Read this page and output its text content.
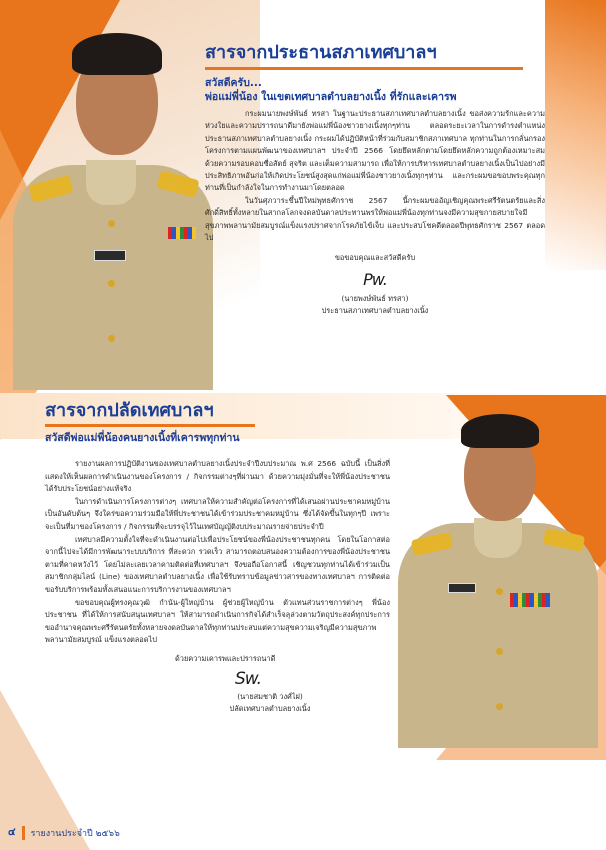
สารจากประธานสภาเทศบาลฯ
สวัสดีครับ...
พ่อแม่พี่น้อง ในเขตเทศบาลตำบลยางเนิ้ง ที่รักและเคารพ

กระผมนายพงษ์พันธ์ ทรสา ในฐานะประธานสภาเทศบาลตำบลยางเนิ้ง ขอส่งความรักและความห่วงใยและความปรารถนาดีมายังพ่อแม่พี่น้องชาวยางเนิ้งทุกๆท่าน ตลอดระยะเวลาในการดำรงตำแหน่งประธานสภาเทศบาลตำบลยางเนิ้ง กระผมได้ปฏิบัติหน้าที่ร่วมกับสมาชิกสภาเทศบาล ทุกท่านในการกลั่นกรองโครงการตามแผนพัฒนาของเทศบาลฯ ประจำปี 2566 โดยยึดหลักตามโดยยึดหลักความถูกต้องเหมาะสม ด้วยความรอบคอบซื่อสัตย์ สุจริต และเต็มความสามารถ เพื่อให้การบริหารเทศบาลตำบลยางเนิ้งเป็นไปอย่างมีประสิทธิภาพอันก่อให้เกิดประโยชน์สูงสุดแก่พ่อแม่พี่น้องชาวยางเนิ้งทุกๆท่าน และกระผมขอขอบพระคุณทุกท่านที่เป็นกำลังใจในการทำงานมาโดยตลอด

ในวันศุภวาระขึ้นปีใหม่พุทธศักราช 2567 นี้กระผมขออัญเชิญคุณพระศรีรัตนตรัยและสิ่งศักดิ์สิทธิ์ทั้งหลายในสากลโลกจงดลบันดาลประทานพรให้พ่อแม่พี่น้องทุกท่านจงมีความสุขกายสบายใจมีสุขภาพพลานามัยสมบูรณ์แข็งแรงปราศจากโรคภัยไข้เจ็บ และประสบโชคดีตลอดปีพุทธศักราช 2567 ตลอดไป

ขอขอบคุณและสวัสดีครับ
Pw.
(นายพงษ์พันธ์ ทรสา)
ประธานสภาเทศบาลตำบลยางเนิ้ง
สารจากปลัดเทศบาลฯ
สวัสดีพ่อแม่พี่น้องคนยางเนิ้งที่เคารพทุกท่าน

รายงานผลการปฏิบัติงานของเทศบาลตำบลยางเนิ้งประจำปีงบประมาณ พ.ศ 2566 ฉบับนี้ เป็นสิ่งที่แสดงให้เห็นผลการดำเนินงานของโครงการ / กิจกรรมต่างๆที่ผ่านมา ด้วยความมุ่งมั่นที่จะให้พี่น้องประชาชนได้รับประโยชน์อย่างแท้จริง

ในการดำเนินการโครงการต่างๆ เทศบาลให้ความสำคัญต่อโครงการที่ได้เสนอผ่านประชาคมหมู่บ้านเป็นอันดับต้นๆ จึงใคร่ขอความร่วมมือให้พี่ประชาชนได้เข้าร่วมประชาคมหมู่บ้าน ซึ่งได้จัดขึ้นในทุกๆปี เพราะจะเป็นที่มาของโครงการ / กิจกรรมที่จะบรรจุไว้ในเทศบัญญัติงบประมาณรายจ่ายประจำปี

เทศบาลมีความตั้งใจที่จะดำเนินงานต่อไปเพื่อประโยชน์ของพี่น้องประชาชนทุกคน โดยในโอกาสต่อจากนี้ไปจะได้มีการพัฒนาระบบบริการ ที่สะดวก รวดเร็ว สามารถตอบสนองความต้องการของพี่น้องประชาชนตามที่คาดหวังไว้ โดยไม่ละเลยเวลาคามติดต่อที่เทศบาลฯ จึงขอถือโอกาสนี้ เชิญชวนทุกท่านได้เข้าร่วมเป็นสมาชิกกลุ่มไลน์ (Line) ของเทศบาลตำบลยางเนิ้ง เพื่อใช้รับทราบข้อมูลข่าวสารของทางเทศบาลฯ การติดต่อขอรับบริการพร้อมทั้งเสนอแนะการบริการงานของเทศบาลฯ

ขอขอบคุณผู้ทรงคุณวุฒิ กำนัน-ผู้ใหญ่บ้าน ผู้ช่วยผู้ใหญ่บ้าน ตัวแทนส่วนราชการต่างๆ พี่น้องประชาชน ที่ได้ให้การสนับสนุนเทศบาลฯ ให้สามารถดำเนินการกิจได้สำเร็จลุล่วงตามวัตถุประสงค์ทุกประการ ขออำนาจคุณพระศรีรัตนตรัยทั้งหลายจงดลบันดาลให้ทุกท่านประสบแต่ความสุขความเจริญมีความสุขภาพพลานามัยสมบูรณ์ แข็งแรงตลอดไป

ด้วยความเคารพและปรารถนาดี
Sw.
(นายสมชาติ วงศ์ไฝ)
ปลัดเทศบาลตำบลยางเนิ้ง
๔ รายงานประจำปี ๒๕๖๖
